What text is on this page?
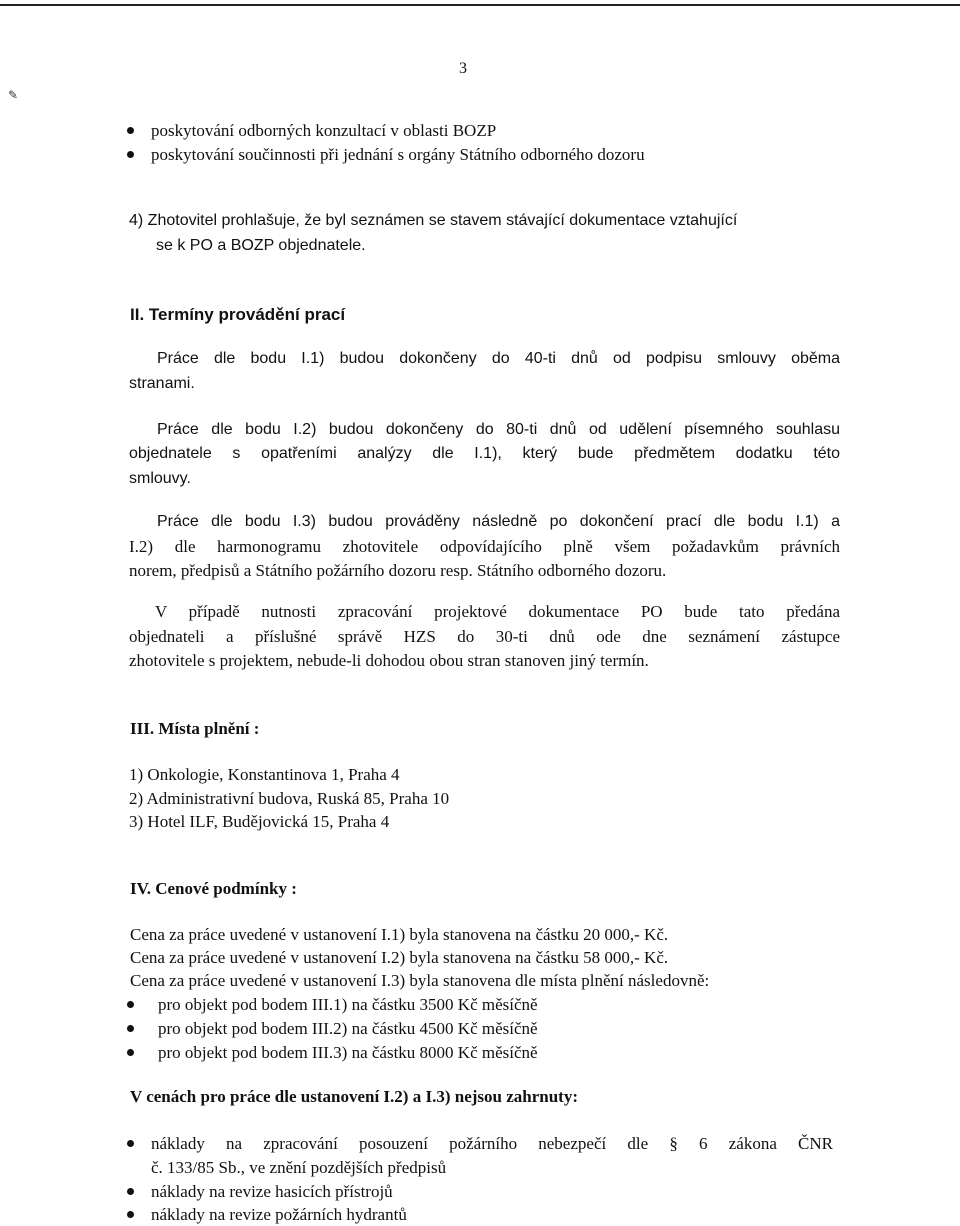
3
✎
poskytování odborných konzultací v oblasti BOZP
poskytování součinnosti při jednání s orgány Státního odborného dozoru
4) Zhotovitel prohlašuje, že byl seznámen se stavem stávající dokumentace vztahující
se k PO a BOZP objednatele.
II. Termíny provádění prací
Práce dle bodu I.1) budou dokončeny do 40-ti dnů od podpisu smlouvy oběma
stranami.
Práce dle bodu I.2) budou dokončeny do 80-ti dnů od udělení písemného souhlasu
objednatele s opatřeními analýzy dle I.1), který bude předmětem dodatku této
smlouvy.
Práce dle bodu I.3) budou prováděny následně po dokončení prací dle bodu I.1) a
I.2) dle harmonogramu zhotovitele odpovídajícího plně všem požadavkům právních
norem, předpisů a Státního požárního dozoru resp. Státního odborného dozoru.
V případě nutnosti zpracování projektové dokumentace PO bude tato předána
objednateli a příslušné správě HZS do 30-ti dnů ode dne seznámení zástupce
zhotovitele s projektem, nebude-li dohodou obou stran stanoven jiný termín.
III. Místa plnění :
1) Onkologie, Konstantinova 1, Praha 4
2) Administrativní budova, Ruská 85, Praha 10
3) Hotel ILF, Budějovická 15, Praha 4
IV. Cenové podmínky :
Cena za práce uvedené v ustanovení I.1) byla stanovena na částku 20 000,- Kč.
Cena za práce uvedené v ustanovení I.2) byla stanovena na částku 58 000,- Kč.
Cena za práce uvedené v ustanovení I.3) byla stanovena dle místa plnění následovně:
pro objekt pod bodem III.1) na částku 3500 Kč měsíčně
pro objekt pod bodem III.2) na částku 4500 Kč měsíčně
pro objekt pod bodem III.3) na částku 8000 Kč měsíčně
V cenách pro práce dle ustanovení I.2) a I.3) nejsou zahrnuty:
náklady na zpracování posouzení požárního nebezpečí dle § 6 zákona ČNR
č. 133/85 Sb., ve znění pozdějších předpisů
náklady na revize hasicích přístrojů
náklady na revize požárních hydrantů
